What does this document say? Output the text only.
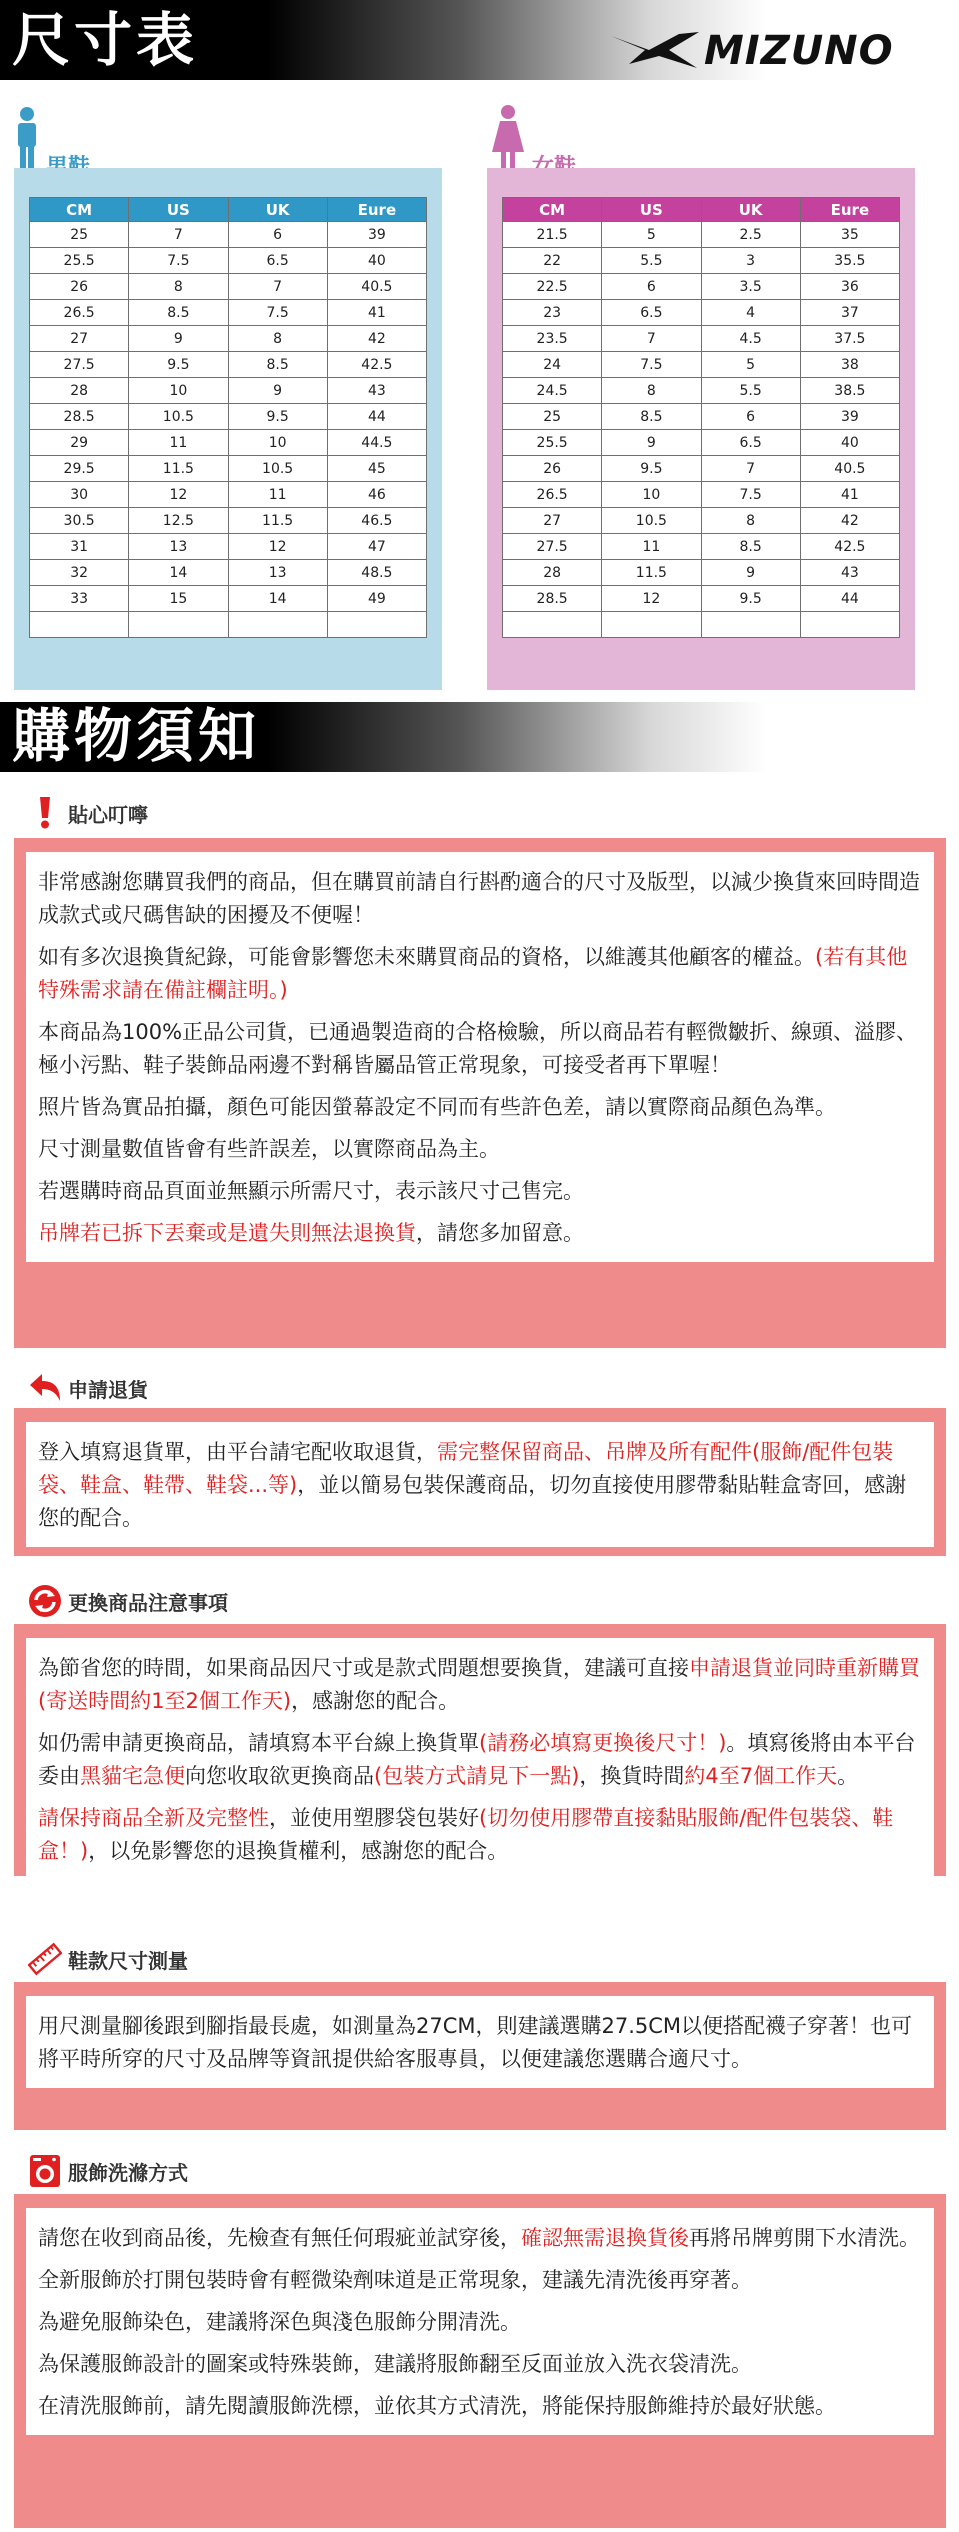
尺寸表	MIZUNO
CM	US	UK	Eure
25	7	6	39
25.5	7.5	6.5	40
26	8	7	40.5
26.5	8.5	7.5	41
27	9	8	42
27.5	9.5	8.5	42.5
28	10	9	43
28.5	10.5	9.5	44
29	11	10	44.5
29.5	11.5	10.5	45
30	12	11	46
30.5	12.5	11.5	46.5
31	13	12	47
32	14	13	48.5
33	15	14	49

CM	US	UK	Eure
21.5	5	2.5	35
22	5.5	3	35.5
22.5	6	3.5	36
23	6.5	4	37
23.5	7	4.5	37.5
24	7.5	5	38
24.5	8	5.5	38.5
25	8.5	6	39
25.5	9	6.5	40
26	9.5	7	40.5
26.5	10	7.5	41
27	10.5	8	42
27.5	11	8.5	42.5
28	11.5	9	43
28.5	12	9.5	44

購物須知
貼心叮嚀

非常感謝您購買我們的商品，但在購買前請自行斟酌適合的尺寸及版型，以減少換貨來回時間造成款式或尺碼售缺的困擾及不便喔！

如有多次退換貨紀錄，可能會影響您未來購買商品的資格，以維護其他顧客的權益。(若有其他特殊需求請在備註欄註明。)

本商品為100%正品公司貨，已通過製造商的合格檢驗，所以商品若有輕微皺折、線頭、溢膠、極小污點、鞋子裝飾品兩邊不對稱皆屬品管正常現象，可接受者再下單喔！

照片皆為實品拍攝，顏色可能因螢幕設定不同而有些許色差，請以實際商品顏色為準。

尺寸測量數值皆會有些許誤差，以實際商品為主。

若選購時商品頁面並無顯示所需尺寸，表示該尺寸己售完。

吊牌若已拆下丟棄或是遺失則無法退換貨，請您多加留意。

申請退貨

登入填寫退貨單，由平台請宅配收取退貨，需完整保留商品、吊牌及所有配件(服飾/配件包裝袋、鞋盒、鞋帶、鞋袋...等)，並以簡易包裝保護商品，切勿直接使用膠帶黏貼鞋盒寄回，感謝您的配合。

更換商品注意事項

為節省您的時間，如果商品因尺寸或是款式問題想要換貨，建議可直接申請退貨並同時重新購買(寄送時間約1至2個工作天)，感謝您的配合。

如仍需申請更換商品，請填寫本平台線上換貨單(請務必填寫更換後尺寸！)。填寫後將由本平台委由黑貓宅急便向您收取欲更換商品(包裝方式請見下一點)，換貨時間約4至7個工作天。

請保持商品全新及完整性，並使用塑膠袋包裝好(切勿使用膠帶直接黏貼服飾/配件包裝袋、鞋盒！)，以免影響您的退換貨權利，感謝您的配合。

鞋款尺寸測量

用尺測量腳後跟到腳指最長處，如測量為27CM，則建議選購27.5CM以便搭配襪子穿著！也可將平時所穿的尺寸及品牌等資訊提供給客服專員，以便建議您選購合適尺寸。

服飾洗滌方式

請您在收到商品後，先檢查有無任何瑕疵並試穿後，確認無需退換貨後再將吊牌剪開下水清洗。

全新服飾於打開包裝時會有輕微染劑味道是正常現象，建議先清洗後再穿著。

為避免服飾染色，建議將深色與淺色服飾分開清洗。

為保護服飾設計的圖案或特殊裝飾，建議將服飾翻至反面並放入洗衣袋清洗。

在清洗服飾前，請先閱讀服飾洗標，並依其方式清洗，將能保持服飾維持於最好狀態。
